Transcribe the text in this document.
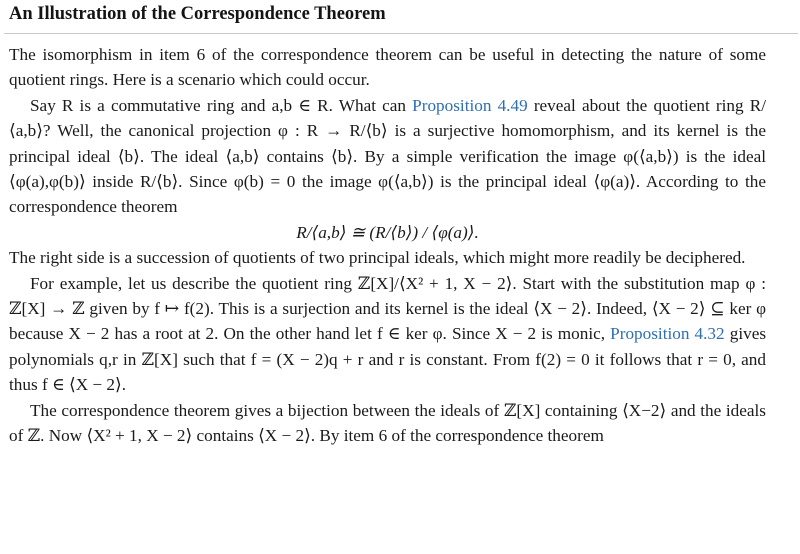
An Illustration of the Correspondence Theorem

The isomorphism in item 6 of the correspondence theorem can be useful in detecting the nature of some quotient rings. Here is a scenario which could occur.

Say R is a commutative ring and a,b ∈ R. What can Proposition 4.49 reveal about the quotient ring R/⟨a,b⟩? Well, the canonical projection φ : R → R/⟨b⟩ is a surjective homomorphism, and its kernel is the principal ideal ⟨b⟩. The ideal ⟨a,b⟩ contains ⟨b⟩. By a simple verification the image φ(⟨a,b⟩) is the ideal ⟨φ(a),φ(b)⟩ inside R/⟨b⟩. Since φ(b) = 0 the image φ(⟨a,b⟩) is the principal ideal ⟨φ(a)⟩. According to the correspondence theorem

R/⟨a,b⟩ ≅ (R/⟨b⟩) / ⟨φ(a)⟩.

The right side is a succession of quotients of two principal ideals, which might more readily be deciphered.

For example, let us describe the quotient ring ℤ[X]/⟨X² + 1, X − 2⟩. Start with the substitution map φ : ℤ[X] → ℤ given by f ↦ f(2). This is a surjection and its kernel is the ideal ⟨X − 2⟩. Indeed, ⟨X − 2⟩ ⊆ ker φ because X − 2 has a root at 2. On the other hand let f ∈ ker φ. Since X − 2 is monic, Proposition 4.32 gives polynomials q,r in ℤ[X] such that f = (X − 2)q + r and r is constant. From f(2) = 0 it follows that r = 0, and thus f ∈ ⟨X − 2⟩.

The correspondence theorem gives a bijection between the ideals of ℤ[X] containing ⟨X−2⟩ and the ideals of ℤ. Now ⟨X² + 1, X − 2⟩ contains ⟨X − 2⟩. By item 6 of the correspondence theorem
